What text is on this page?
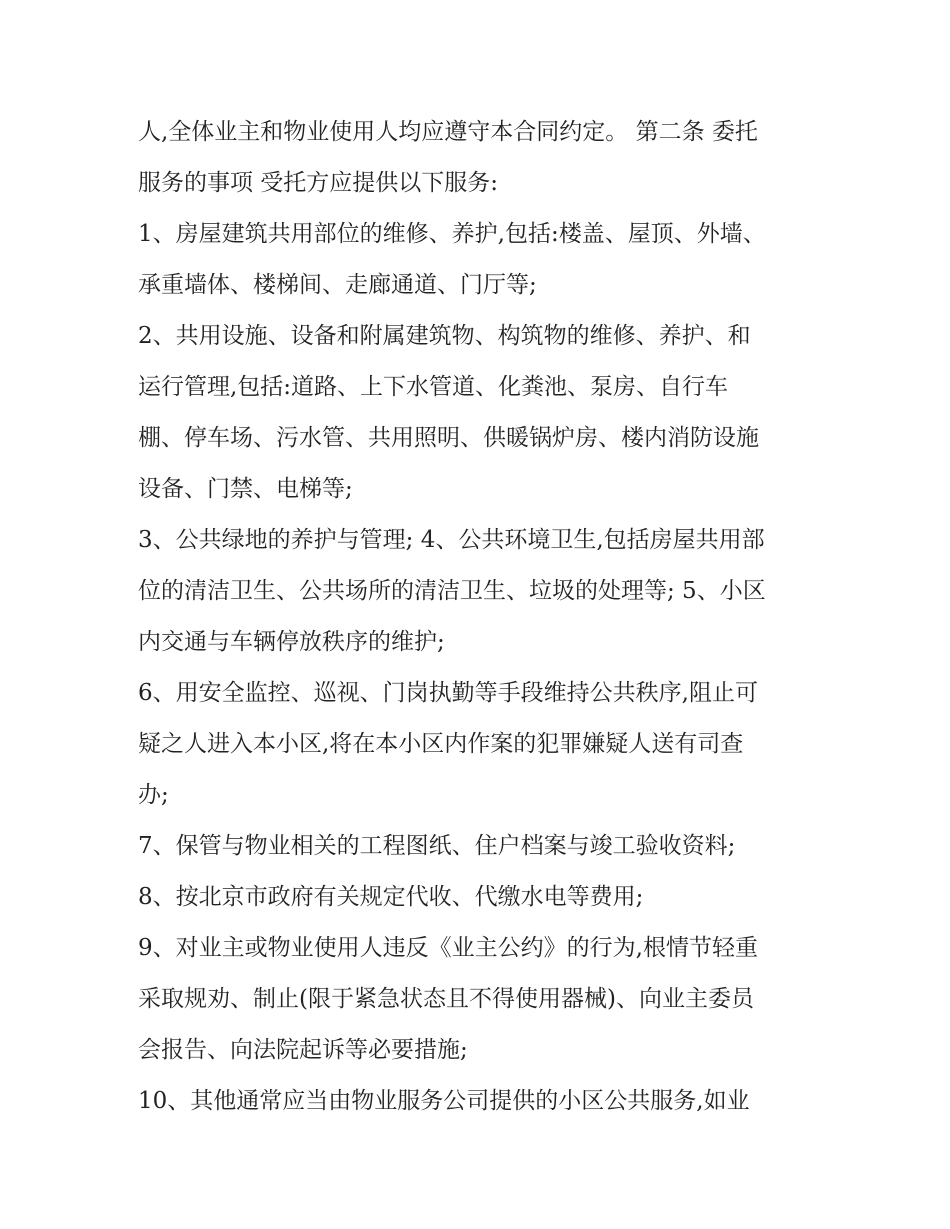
人,全体业主和物业使用人均应遵守本合同约定。 第二条 委托
服务的事项 受托方应提供以下服务:
1、房屋建筑共用部位的维修、养护,包括:楼盖、屋顶、外墙、
承重墙体、楼梯间、走廊通道、门厅等;
2、共用设施、设备和附属建筑物、构筑物的维修、养护、和
运行管理,包括:道路、上下水管道、化粪池、泵房、自行车
棚、停车场、污水管、共用照明、供暖锅炉房、楼内消防设施
设备、门禁、电梯等;
3、公共绿地的养护与管理; 4、公共环境卫生,包括房屋共用部
位的清洁卫生、公共场所的清洁卫生、垃圾的处理等; 5、小区
内交通与车辆停放秩序的维护;
6、用安全监控、巡视、门岗执勤等手段维持公共秩序,阻止可
疑之人进入本小区,将在本小区内作案的犯罪嫌疑人送有司查
办;
7、保管与物业相关的工程图纸、住户档案与竣工验收资料;
8、按北京市政府有关规定代收、代缴水电等费用;
9、对业主或物业使用人违反《业主公约》的行为,根情节轻重
采取规劝、制止(限于紧急状态且不得使用器械)、向业主委员
会报告、向法院起诉等必要措施;
10、其他通常应当由物业服务公司提供的小区公共服务,如业
